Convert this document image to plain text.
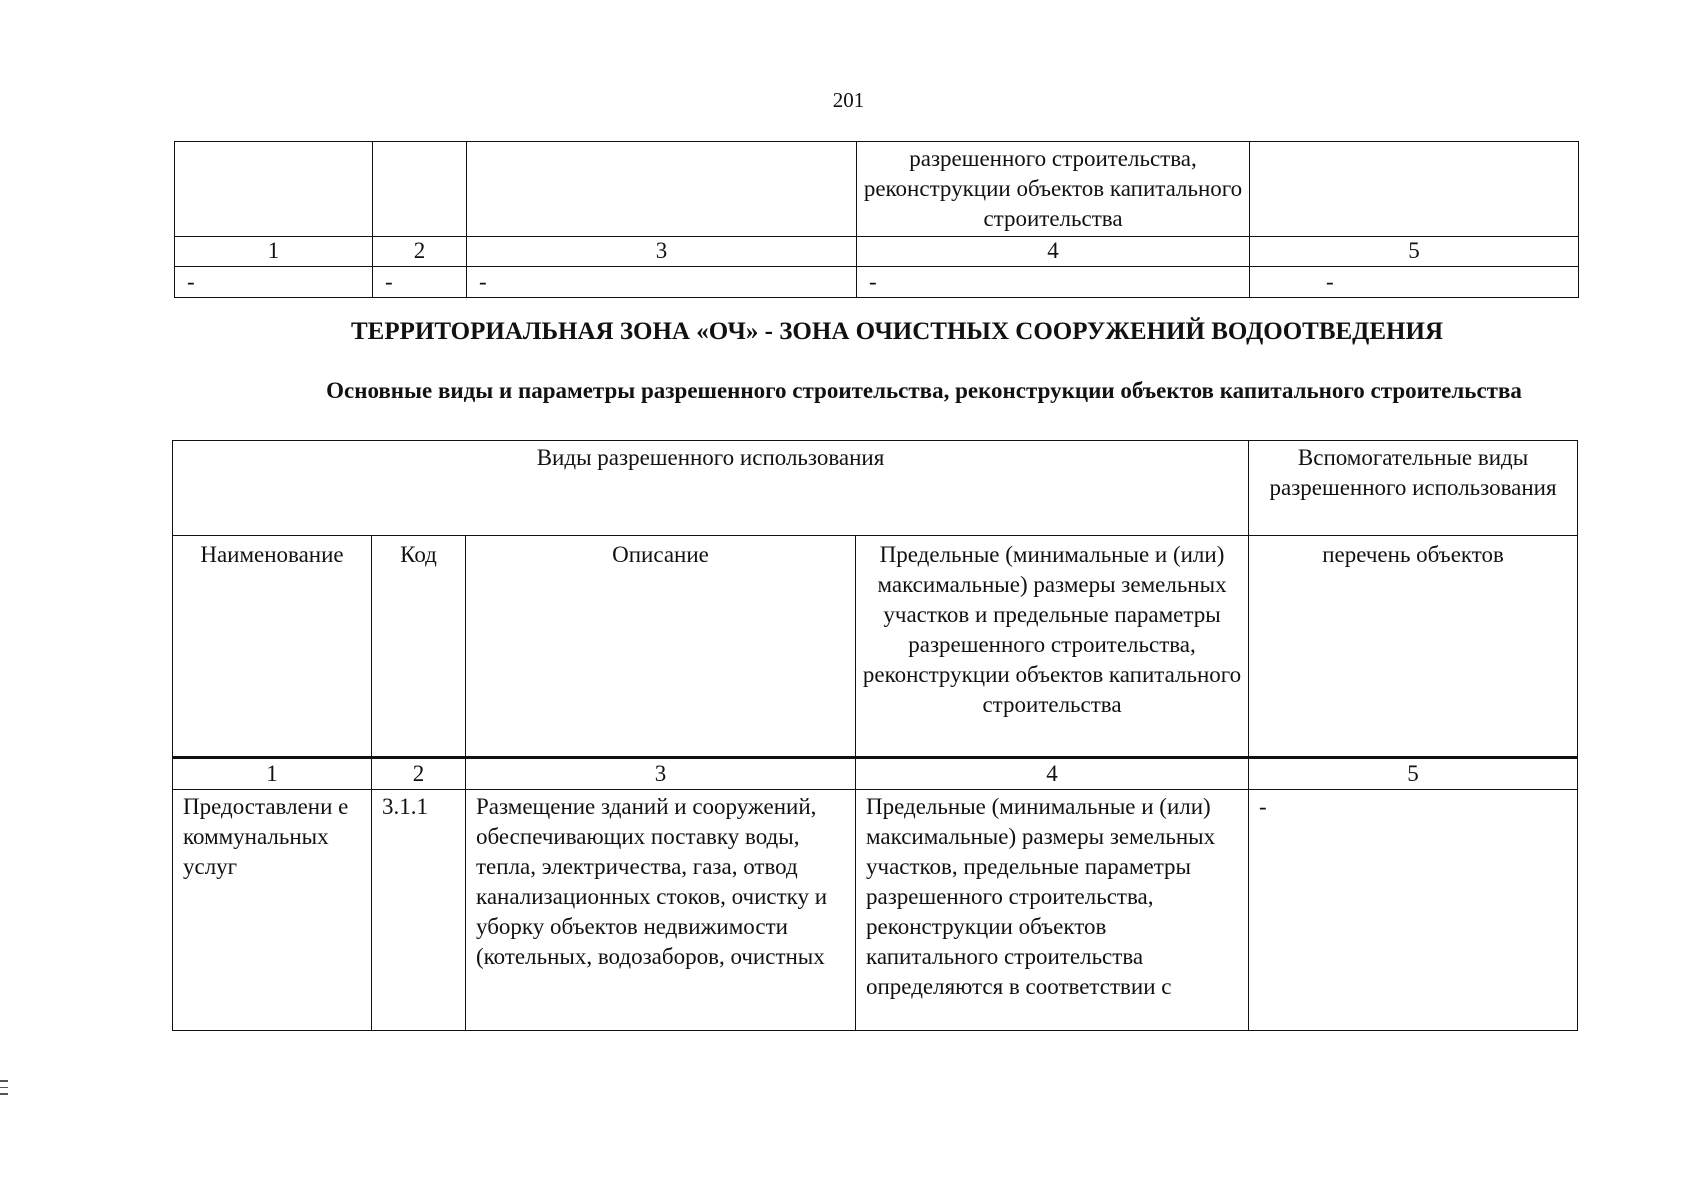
201
			разрешенного строительства, реконструкции объектов капитального строительства	
1	2	3	4	5
-	-	-	-	-
ТЕРРИТОРИАЛЬНАЯ ЗОНА «ОЧ» - ЗОНА ОЧИСТНЫХ СООРУЖЕНИЙ ВОДООТВЕДЕНИЯ
Основные виды и параметры разрешенного строительства, реконструкции объектов капитального строительства
Виды разрешенного использования				Вспомогательные виды разрешенного использования
Наименование	Код	Описание	Предельные (минимальные и (или) максимальные) размеры земельных участков и предельные параметры разрешенного строительства, реконструкции объектов капитального строительства	перечень объектов
1	2	3	4	5
Предоставлени е коммунальных услуг	3.1.1	Размещение зданий и сооружений, обеспечивающих поставку воды, тепла, электричества, газа, отвод канализационных стоков, очистку и уборку объектов недвижимости (котельных, водозаборов, очистных	Предельные (минимальные и (или) максимальные) размеры земельных участков, предельные параметры разрешенного строительства, реконструкции объектов капитального строительства определяются в соответствии с	-
